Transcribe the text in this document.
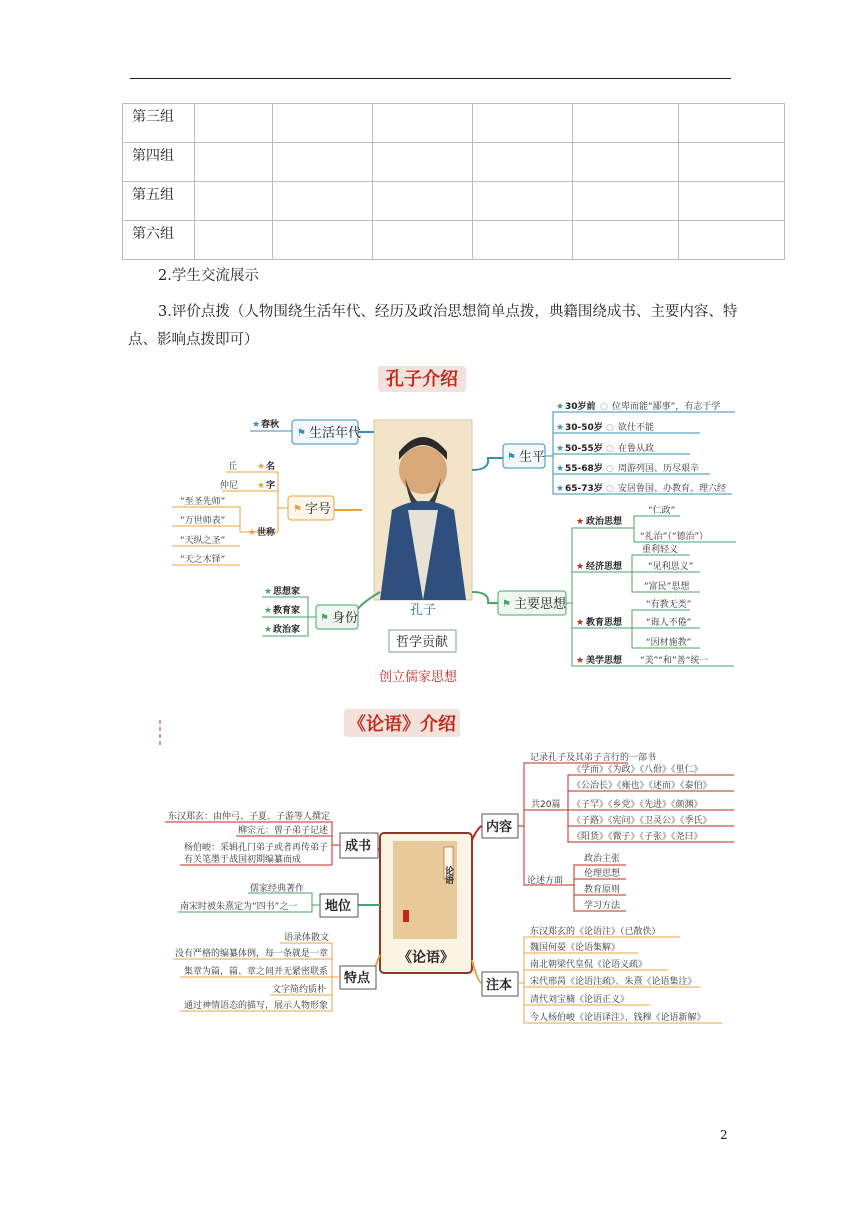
第三组						
第四组						
第五组						
第六组						
2.学生交流展示
3.评价点拨（人物围绕生活年代、经历及政治思想简单点拨，典籍围绕成书、主要内容、特点、影响点拨即可）
孔子介绍
孔子
哲学贡献
创立儒家思想
⚑ 生活年代
★ 春秋
⚑ 字号
丘 ★ 名
仲尼 ★ 字
★ 世称
“至圣先师”
“万世师表”
“天纵之圣”
“天之木铎”
⚑ 身份
★ 思想家
★ 教育家
★ 政治家
⚑ 生平
★ 30岁前 ○ 位卑而能“鄙事”，有志于学
★ 30-50岁 ○ 欲仕不能
★ 50-55岁 ○ 在鲁从政
★ 55-68岁 ○ 周游列国、历尽艰辛
★ 65-73岁 ○ 安居鲁国、办教育、理六经
⚑ 主要思想
★ 政治思想
“仁政”
“礼治”（“德治”）
★ 经济思想
重利轻义
“见利思义”
“富民”思想
★ 教育思想
“有教无类”
“诲人不倦”
“因材施教”
★ 美学思想 “美”“和”善“统一
《论语》介绍
论语
《论语》
成书
东汉郑玄：由仲弓、子夏、子游等人撰定
柳宗元：曾子弟子记述
杨伯峻：采辑孔门弟子或者再传弟子
有关笔墨于战国初期编纂而成
地位
儒家经典著作
南宋时被朱熹定为“四书”之一
特点
语录体散文
没有严格的编纂体例，每一条就是一章
集章为篇，篇、章之间并无紧密联系
文字简约质朴
通过神情语态的描写，展示人物形象
内容
记录孔子及其弟子言行的一部书
共20篇
《学而》《为政》《八佾》《里仁》
《公冶长》《雍也》《述而》《泰伯》
《子罕》《乡党》《先进》《颜渊》
《子路》《宪问》《卫灵公》《季氏》
《阳货》《微子》《子张》《尧曰》
论述方面
政治主张
伦理思想
教育原则
学习方法
注本
东汉郑玄的《论语注》（已散佚）
魏国何晏《论语集解》
南北朝梁代皇侃《论语义疏》
宋代邢昺《论语注疏》、朱熹《论语集注》
清代刘宝楠《论语正义》
今人杨伯峻《论语译注》、钱穆《论语新解》
2
